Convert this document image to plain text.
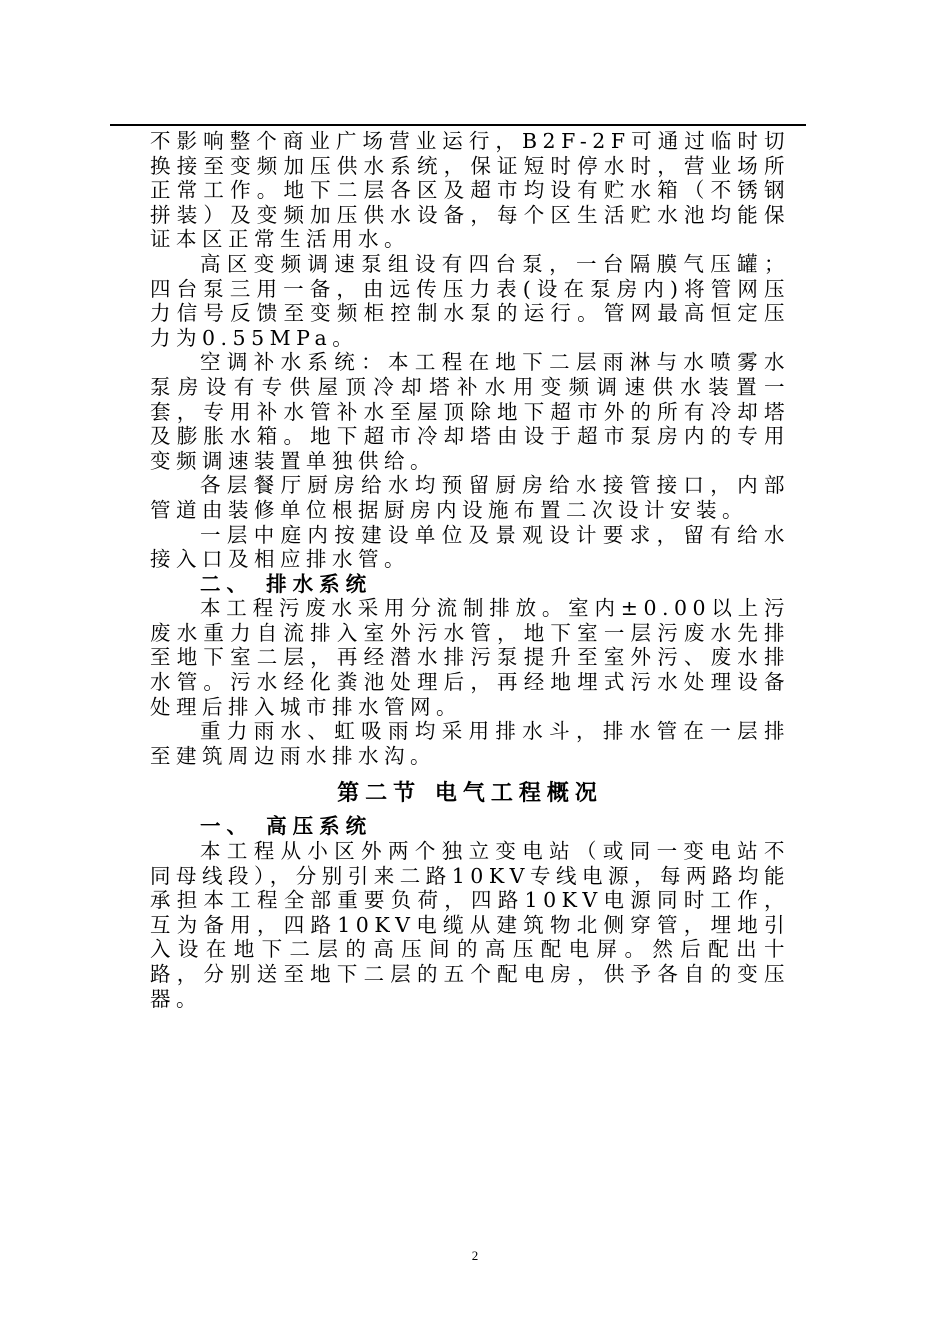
不影响整个商业广场营业运行，B2F-2F可通过临时切换接至变频加压供水系统，保证短时停水时，营业场所正常工作。地下二层各区及超市均设有贮水箱（不锈钢拼装）及变频加压供水设备，每个区生活贮水池均能保证本区正常生活用水。

高区变频调速泵组设有四台泵，一台隔膜气压罐；四台泵三用一备，由远传压力表(设在泵房内)将管网压力信号反馈至变频柜控制水泵的运行。管网最高恒定压力为0.55MPa。

空调补水系统：本工程在地下二层雨淋与水喷雾水泵房设有专供屋顶冷却塔补水用变频调速供水装置一套，专用补水管补水至屋顶除地下超市外的所有冷却塔及膨胀水箱。地下超市冷却塔由设于超市泵房内的专用变频调速装置单独供给。

各层餐厅厨房给水均预留厨房给水接管接口，内部管道由装修单位根据厨房内设施布置二次设计安装。

一层中庭内按建设单位及景观设计要求，留有给水接入口及相应排水管。

二、 排水系统

本工程污废水采用分流制排放。室内±0.00以上污废水重力自流排入室外污水管，地下室一层污废水先排至地下室二层，再经潜水排污泵提升至室外污、废水排水管。污水经化粪池处理后，再经地埋式污水处理设备处理后排入城市排水管网。

重力雨水、虹吸雨均采用排水斗，排水管在一层排至建筑周边雨水排水沟。

第二节 电气工程概况

一、 高压系统

本工程从小区外两个独立变电站（或同一变电站不同母线段），分别引来二路10KV专线电源，每两路均能承担本工程全部重要负荷，四路10KV电源同时工作，互为备用，四路10KV电缆从建筑物北侧穿管，埋地引入设在地下二层的高压间的高压配电屏。然后配出十路，分别送至地下二层的五个配电房，供予各自的变压器。

2
